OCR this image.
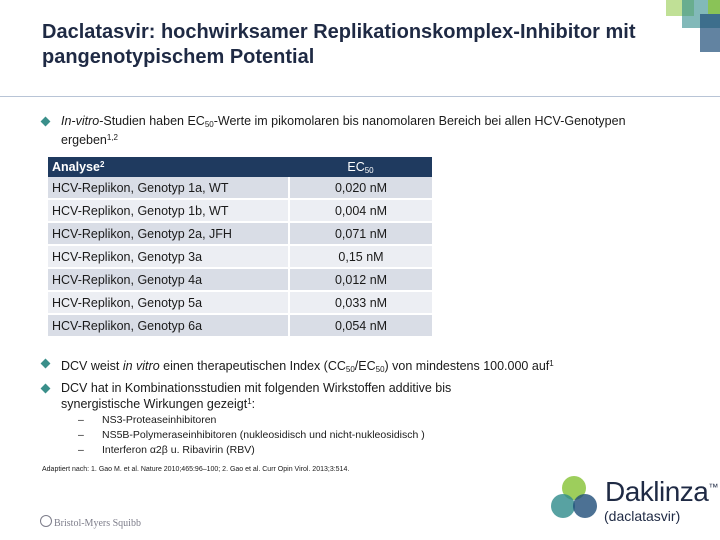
Daclatasvir: hochwirksamer Replikationskomplex-Inhibitor mit pangenotypischem Potential
In-vitro-Studien haben $EC_{50}$-Werte im pikomolaren bis nanomolaren Bereich bei allen HCV-Genotypen ergeben$^{1,2}$
Analyse$^2$	$EC_{50}$
HCV-Replikon, Genotyp 1a, WT	0,020 nM
HCV-Replikon, Genotyp 1b, WT	0,004 nM
HCV-Replikon, Genotyp 2a, JFH	0,071 nM
HCV-Replikon, Genotyp 3a	0,15 nM
HCV-Replikon, Genotyp 4a	0,012 nM
HCV-Replikon, Genotyp 5a	0,033 nM
HCV-Replikon, Genotyp 6a	0,054 nM
DCV weist in vitro einen therapeutischen Index $(CC_{50}/EC_{50})$ von mindestens 100.000 auf$^1$
DCV hat in Kombinationsstudien mit folgenden Wirkstoffen additive bis synergistische Wirkungen gezeigt$^1$:
– NS3-Proteaseinhibitoren
– NS5B-Polymeraseinhibitoren (nukleosidisch und nicht-nukleosidisch )
– Interferon α2β u. Ribavirin (RBV)
Adaptiert nach: 1. Gao M. et al. Nature 2010;465:96–100; 2. Gao et al. Curr Opin Virol. 2013;3:514.
Bristol-Myers Squibb
Daklinza™
(daclatasvir)
